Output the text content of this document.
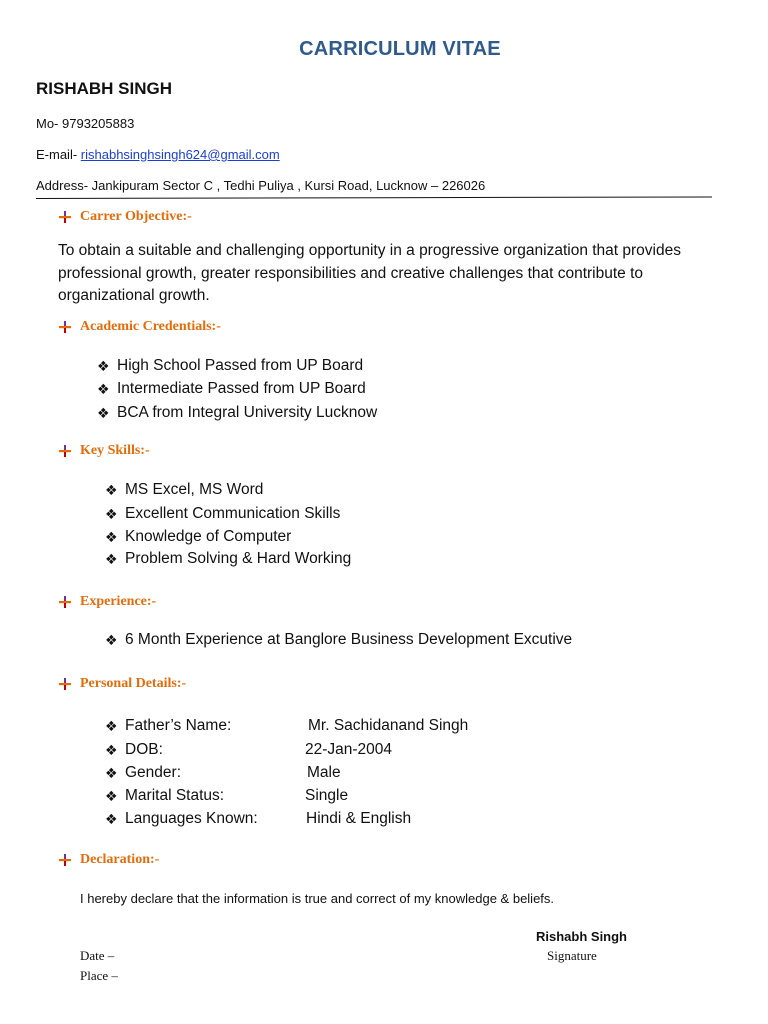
CARRICULUM VITAE
RISHABH SINGH
Mo- 9793205883
E-mail- rishabhsinghsingh624@gmail.com
Address- Jankipuram Sector C , Tedhi Puliya , Kursi Road, Lucknow – 226026
Carrer Objective:-
To obtain a suitable and challenging opportunity in a progressive organization that provides professional growth, greater responsibilities and creative challenges that contribute to organizational growth.
Academic Credentials:-
❖ High School Passed from UP Board
❖ Intermediate Passed from UP Board
❖ BCA from Integral University Lucknow
Key Skills:-
❖ MS Excel, MS Word
❖ Excellent Communication Skills
❖ Knowledge of Computer
❖ Problem Solving & Hard Working
Experience:-
❖ 6 Month Experience at Banglore Business Development Excutive
Personal Details:-
❖ Father’s Name:	Mr. Sachidanand Singh
❖ DOB:	22-Jan-2004
❖ Gender:	Male
❖ Marital Status:	Single
❖ Languages Known:	Hindi & English
Declaration:-
I hereby declare that the information is true and correct of my knowledge & beliefs.
Rishabh Singh
Date –	Signature
Place –
